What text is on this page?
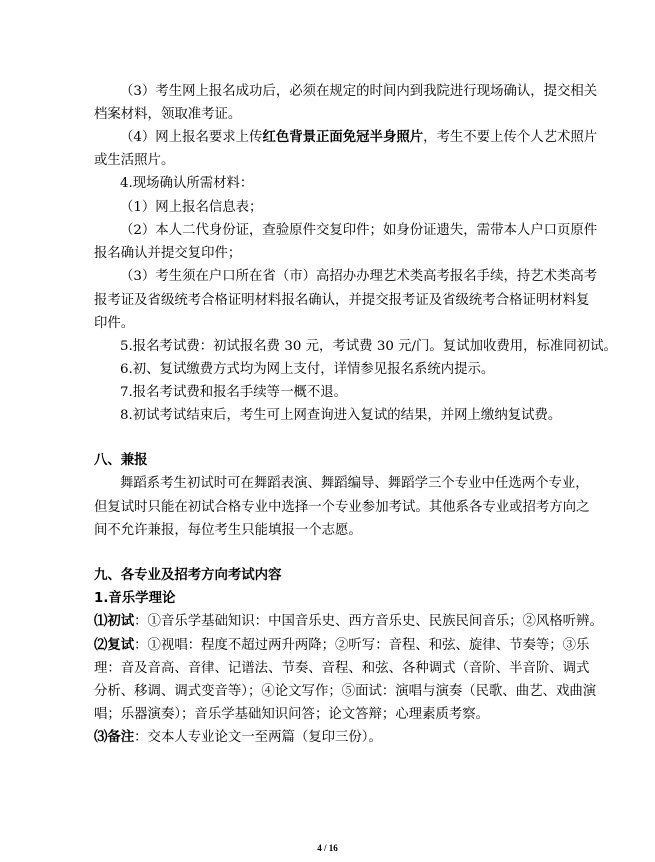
（3）考生网上报名成功后，必须在规定的时间内到我院进行现场确认，提交相关
档案材料，领取准考证。
（4）网上报名要求上传红色背景正面免冠半身照片，考生不要上传个人艺术照片
或生活照片。
4.现场确认所需材料：
（1）网上报名信息表；
（2）本人二代身份证，查验原件交复印件；如身份证遗失，需带本人户口页原件
报名确认并提交复印件；
（3）考生须在户口所在省（市）高招办办理艺术类高考报名手续，持艺术类高考
报考证及省级统考合格证明材料报名确认，并提交报考证及省级统考合格证明材料复
印件。
5.报名考试费：初试报名费 30 元，考试费 30 元/门。复试加收费用，标准同初试。
6.初、复试缴费方式均为网上支付，详情参见报名系统内提示。
7.报名考试费和报名手续等一概不退。
8.初试考试结束后，考生可上网查询进入复试的结果，并网上缴纳复试费。
八、兼报
舞蹈系考生初试时可在舞蹈表演、舞蹈编导、舞蹈学三个专业中任选两个专业，
但复试时只能在初试合格专业中选择一个专业参加考试。其他系各专业或招考方向之
间不允许兼报，每位考生只能填报一个志愿。
九、各专业及招考方向考试内容
1.音乐学理论
⑴初试：①音乐学基础知识：中国音乐史、西方音乐史、民族民间音乐；②风格听辨。
⑵复试：①视唱：程度不超过两升两降；②听写：音程、和弦、旋律、节奏等；③乐
理：音及音高、音律、记谱法、节奏、音程、和弦、各种调式（音阶、半音阶、调式
分析、移调、调式变音等）；④论文写作；⑤面试：演唱与演奏（民歌、曲艺、戏曲演
唱；乐器演奏）；音乐学基础知识问答；论文答辩；心理素质考察。
⑶备注：交本人专业论文一至两篇（复印三份）。
4 / 16
